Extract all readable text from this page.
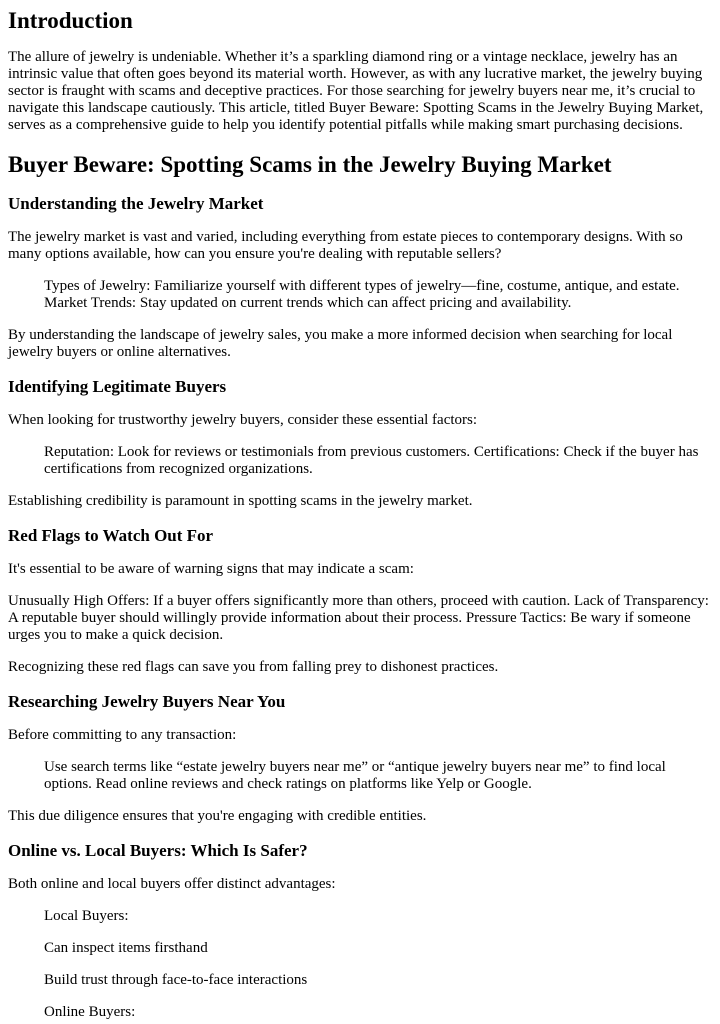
Introduction

The allure of jewelry is undeniable. Whether it’s a sparkling diamond ring or a vintage necklace, jewelry has an intrinsic value that often goes beyond its material worth. However, as with any lucrative market, the jewelry buying sector is fraught with scams and deceptive practices. For those searching for jewelry buyers near me, it’s crucial to navigate this landscape cautiously. This article, titled Buyer Beware: Spotting Scams in the Jewelry Buying Market, serves as a comprehensive guide to help you identify potential pitfalls while making smart purchasing decisions.

Buyer Beware: Spotting Scams in the Jewelry Buying Market
Understanding the Jewelry Market

The jewelry market is vast and varied, including everything from estate pieces to contemporary designs. With so many options available, how can you ensure you're dealing with reputable sellers?

Types of Jewelry: Familiarize yourself with different types of jewelry—fine, costume, antique, and estate. Market Trends: Stay updated on current trends which can affect pricing and availability.

By understanding the landscape of jewelry sales, you make a more informed decision when searching for local jewelry buyers or online alternatives.

Identifying Legitimate Buyers

When looking for trustworthy jewelry buyers, consider these essential factors:

Reputation: Look for reviews or testimonials from previous customers. Certifications: Check if the buyer has certifications from recognized organizations.

Establishing credibility is paramount in spotting scams in the jewelry market.

Red Flags to Watch Out For

It's essential to be aware of warning signs that may indicate a scam:

Unusually High Offers: If a buyer offers significantly more than others, proceed with caution. Lack of Transparency: A reputable buyer should willingly provide information about their process. Pressure Tactics: Be wary if someone urges you to make a quick decision.

Recognizing these red flags can save you from falling prey to dishonest practices.

Researching Jewelry Buyers Near You

Before committing to any transaction:

Use search terms like “estate jewelry buyers near me” or “antique jewelry buyers near me” to find local options. Read online reviews and check ratings on platforms like Yelp or Google.

This due diligence ensures that you're engaging with credible entities.

Online vs. Local Buyers: Which Is Safer?

Both online and local buyers offer distinct advantages:

Local Buyers:

Can inspect items firsthand

Build trust through face-to-face interactions

Online Buyers:
